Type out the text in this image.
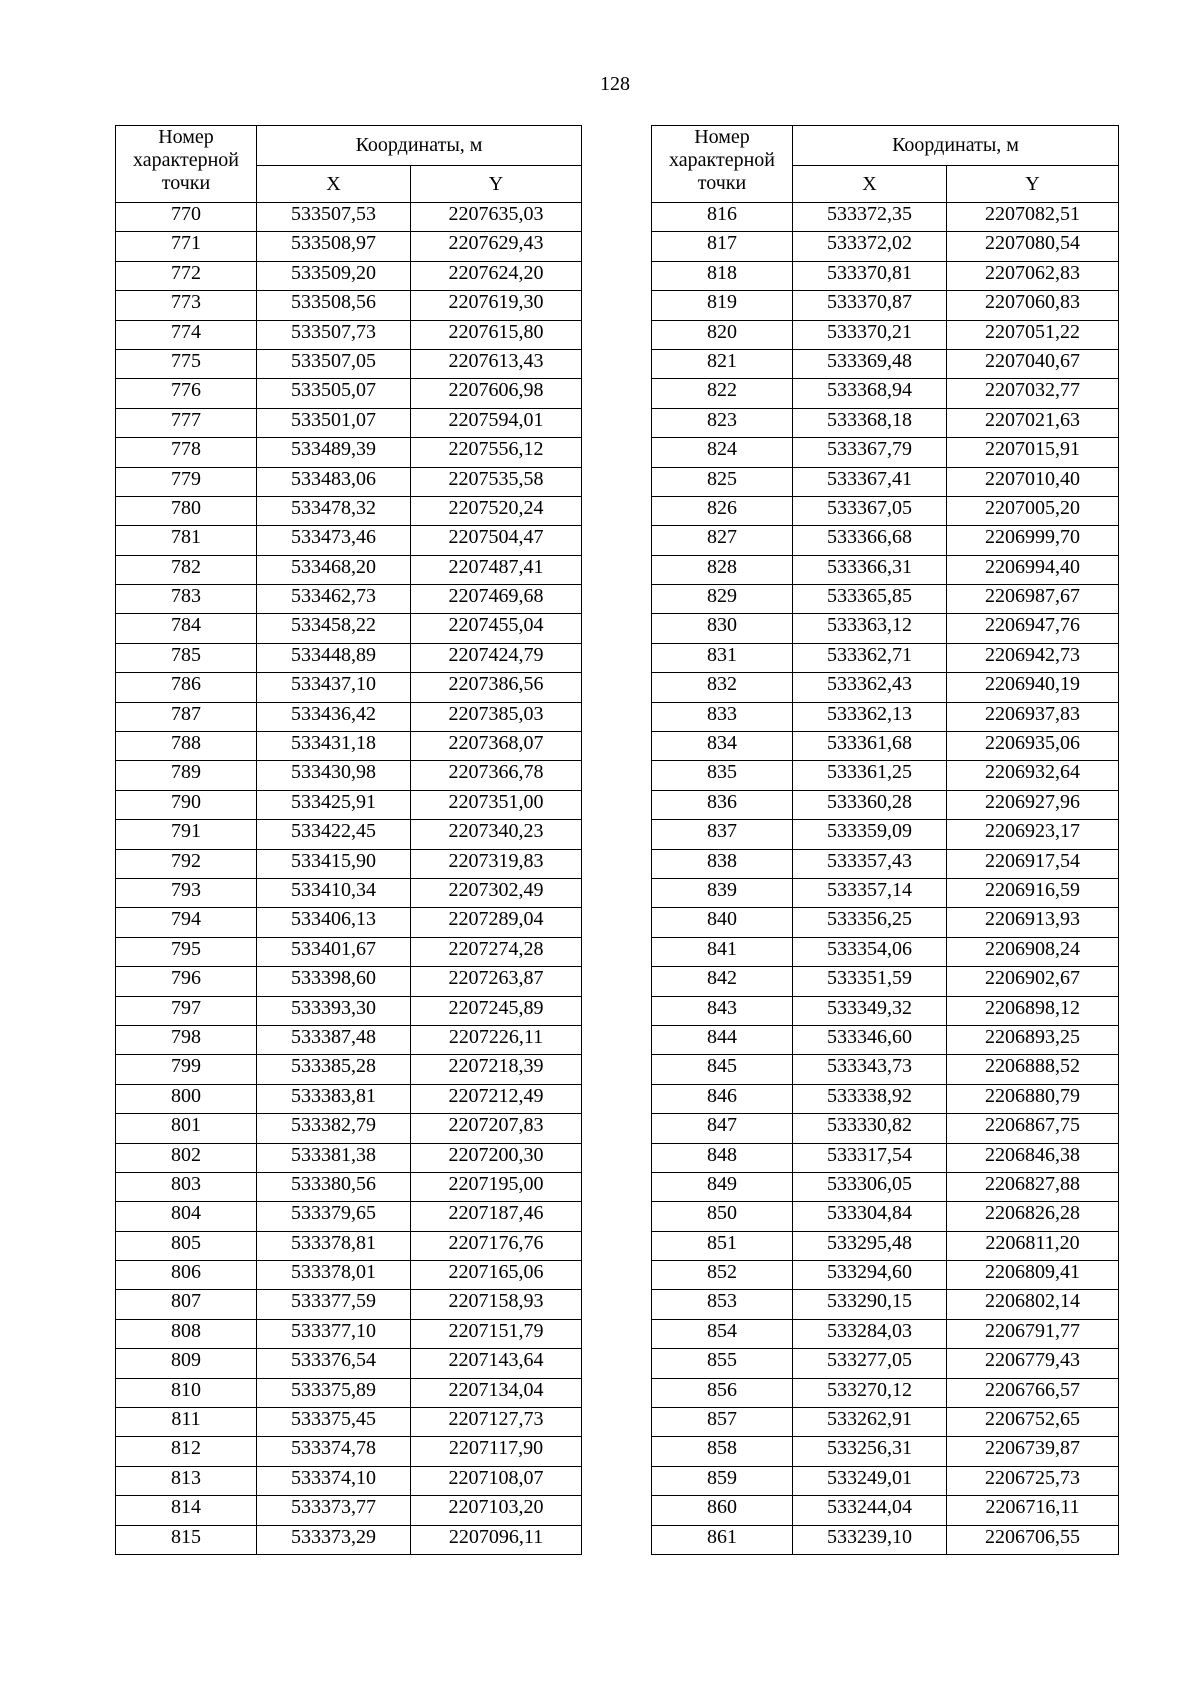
128
Номер характерной точки	Координаты, м	
	X	Y
770	533507,53	2207635,03
771	533508,97	2207629,43
772	533509,20	2207624,20
773	533508,56	2207619,30
774	533507,73	2207615,80
775	533507,05	2207613,43
776	533505,07	2207606,98
777	533501,07	2207594,01
778	533489,39	2207556,12
779	533483,06	2207535,58
780	533478,32	2207520,24
781	533473,46	2207504,47
782	533468,20	2207487,41
783	533462,73	2207469,68
784	533458,22	2207455,04
785	533448,89	2207424,79
786	533437,10	2207386,56
787	533436,42	2207385,03
788	533431,18	2207368,07
789	533430,98	2207366,78
790	533425,91	2207351,00
791	533422,45	2207340,23
792	533415,90	2207319,83
793	533410,34	2207302,49
794	533406,13	2207289,04
795	533401,67	2207274,28
796	533398,60	2207263,87
797	533393,30	2207245,89
798	533387,48	2207226,11
799	533385,28	2207218,39
800	533383,81	2207212,49
801	533382,79	2207207,83
802	533381,38	2207200,30
803	533380,56	2207195,00
804	533379,65	2207187,46
805	533378,81	2207176,76
806	533378,01	2207165,06
807	533377,59	2207158,93
808	533377,10	2207151,79
809	533376,54	2207143,64
810	533375,89	2207134,04
811	533375,45	2207127,73
812	533374,78	2207117,90
813	533374,10	2207108,07
814	533373,77	2207103,20
815	533373,29	2207096,11
Номер характерной точки	Координаты, м	
	X	Y
816	533372,35	2207082,51
817	533372,02	2207080,54
818	533370,81	2207062,83
819	533370,87	2207060,83
820	533370,21	2207051,22
821	533369,48	2207040,67
822	533368,94	2207032,77
823	533368,18	2207021,63
824	533367,79	2207015,91
825	533367,41	2207010,40
826	533367,05	2207005,20
827	533366,68	2206999,70
828	533366,31	2206994,40
829	533365,85	2206987,67
830	533363,12	2206947,76
831	533362,71	2206942,73
832	533362,43	2206940,19
833	533362,13	2206937,83
834	533361,68	2206935,06
835	533361,25	2206932,64
836	533360,28	2206927,96
837	533359,09	2206923,17
838	533357,43	2206917,54
839	533357,14	2206916,59
840	533356,25	2206913,93
841	533354,06	2206908,24
842	533351,59	2206902,67
843	533349,32	2206898,12
844	533346,60	2206893,25
845	533343,73	2206888,52
846	533338,92	2206880,79
847	533330,82	2206867,75
848	533317,54	2206846,38
849	533306,05	2206827,88
850	533304,84	2206826,28
851	533295,48	2206811,20
852	533294,60	2206809,41
853	533290,15	2206802,14
854	533284,03	2206791,77
855	533277,05	2206779,43
856	533270,12	2206766,57
857	533262,91	2206752,65
858	533256,31	2206739,87
859	533249,01	2206725,73
860	533244,04	2206716,11
861	533239,10	2206706,55
